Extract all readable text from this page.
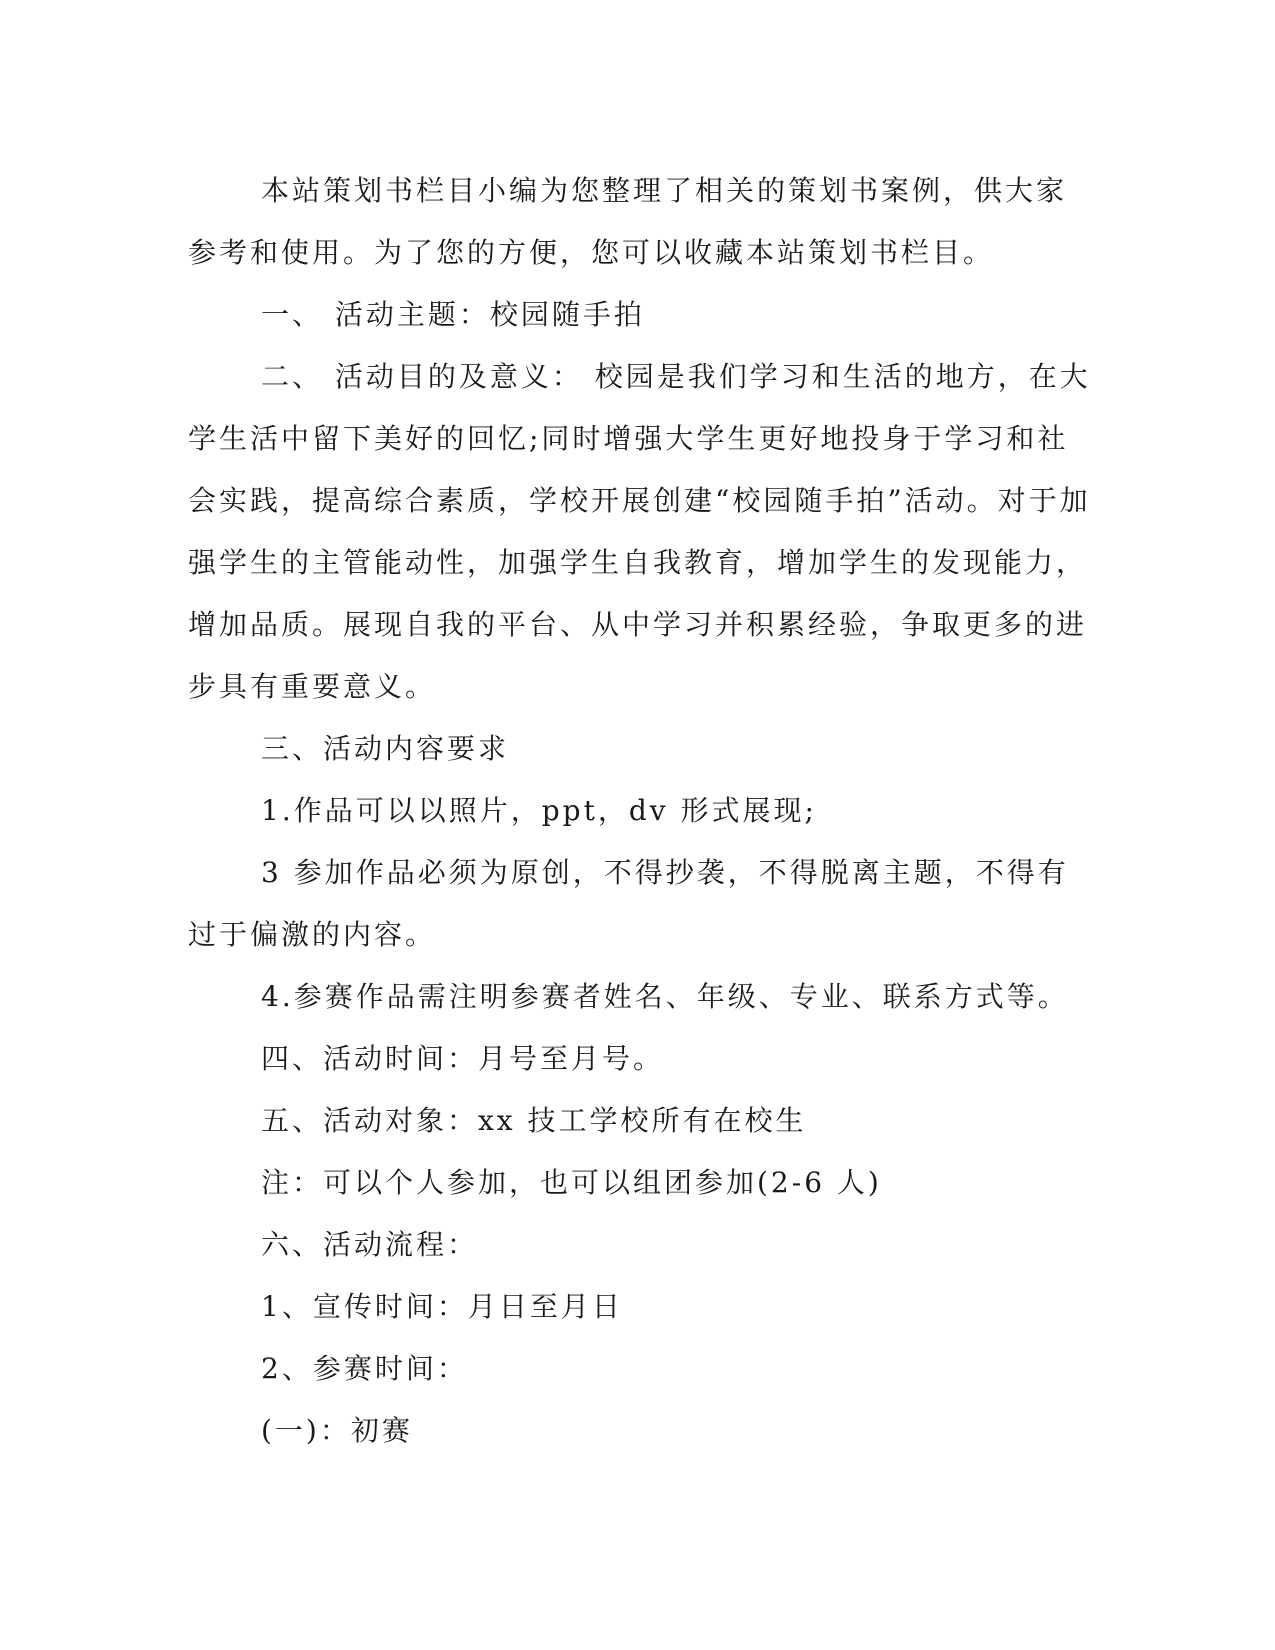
本站策划书栏目小编为您整理了相关的策划书案例，供大家参考和使用。为了您的方便，您可以收藏本站策划书栏目。

一、 活动主题：校园随手拍

二、 活动目的及意义： 校园是我们学习和生活的地方，在大学生活中留下美好的回忆;同时增强大学生更好地投身于学习和社会实践，提高综合素质，学校开展创建“校园随手拍”活动。对于加强学生的主管能动性，加强学生自我教育，增加学生的发现能力，增加品质。展现自我的平台、从中学习并积累经验，争取更多的进步具有重要意义。

三、活动内容要求

1.作品可以以照片，ppt，dv 形式展现;

3 参加作品必须为原创，不得抄袭，不得脱离主题，不得有过于偏激的内容。

4.参赛作品需注明参赛者姓名、年级、专业、联系方式等。

四、活动时间：月号至月号。

五、活动对象：xx 技工学校所有在校生

注：可以个人参加，也可以组团参加(2-6 人)

六、活动流程：

1、宣传时间：月日至月日

2、参赛时间：

(一)：初赛
